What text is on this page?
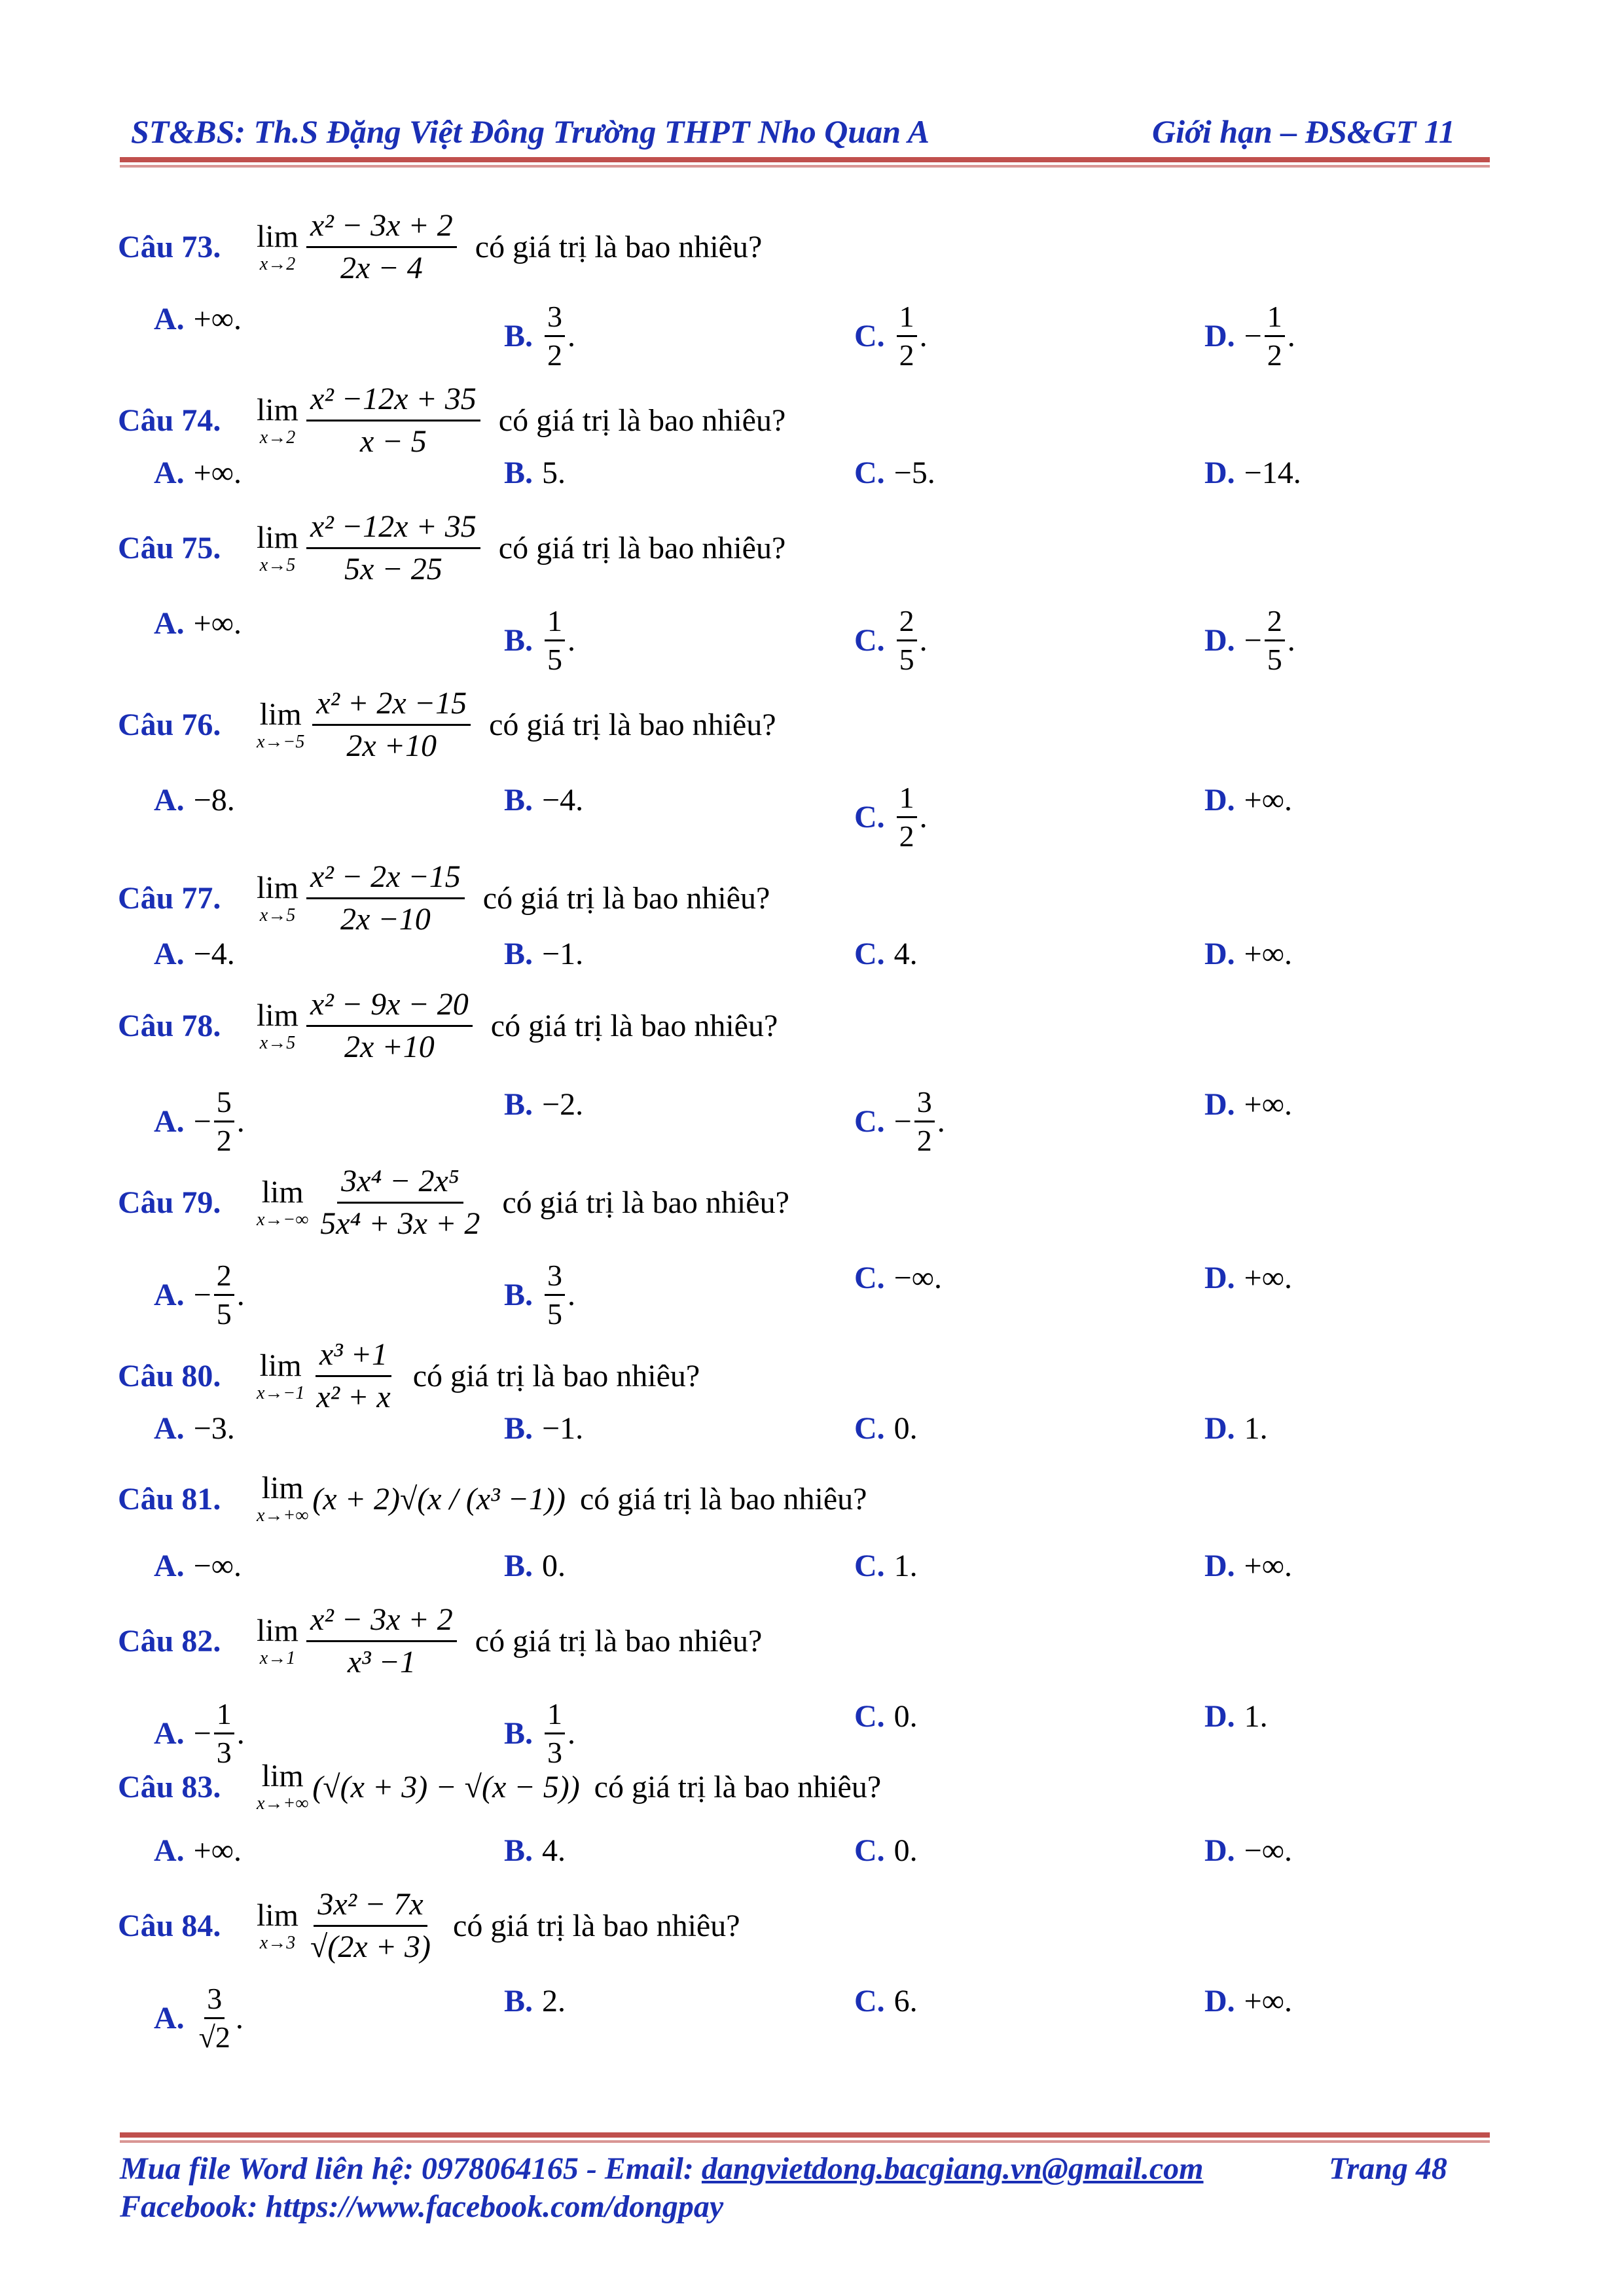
ST&BS: Th.S Đặng Việt Đông Trường THPT Nho Quan A	Giới hạn – ĐS&GT 11
Câu 73.	lim
$x\to 2 \frac{\text{x² − 3x + 2}}{2x - 4}$ có giá trị là bao nhiêu?
A. +∞.	B. $\frac{3}{2}$ .	C. $\frac{1}{2}$ .	D. − $\frac{1}{2}$ .
Câu 74.	lim
$x\to 2 \frac{\text{x² −12x + 35}}{x - 5}$ có giá trị là bao nhiêu?
A. +∞.	B. 5.	C. −5.	D. −14.
Câu 75.	lim
$x\to 5 \frac{\text{x² −12x + 35}}{5x - 25}$ có giá trị là bao nhiêu?
A. +∞.	B. $\frac{1}{5}$ .	C. $\frac{2}{5}$ .	D. − $\frac{2}{5}$ .
Câu 76.	lim
$x\to-5 \frac{\text{x² + 2x −15}}{2x +10}$ có giá trị là bao nhiêu?
A. −8.	B. −4.	C. $\frac{1}{2}$ .	D. +∞.
Câu 77.	lim
$x\to 5 \frac{\text{x² − 2x −15}}{2x -10}$ có giá trị là bao nhiêu?
A. −4.	B. −1.	C. 4.	D. +∞.
Câu 78.	lim
$x\to 5 \frac{\text{x² − 9x − 20}}{2x +10}$ có giá trị là bao nhiêu?
A. − $\frac{5}{2}$ .	B. −2.	C. − $\frac{3}{2}$ .	D. +∞.
Câu 79.	lim
$x\to-\infty \frac{\text{3x⁴ − 2x⁵}}{\text{5x⁴ + 3x + 2}}$ có giá trị là bao nhiêu?
A. − $\frac{2}{5}$ .	B. $\frac{3}{5}$ .	C. −∞.	D. +∞.
Câu 80.	lim
$x\to-1 \frac{\text{x³ +1}}{\text{x² + x}}$ có giá trị là bao nhiêu?
A. −3.	B. −1.	C. 0.	D. 1.
Câu 81.	lim
x→+∞ (x + 2)√(x / (x³ −1)) có giá trị là bao nhiêu?
A. −∞.	B. 0.	C. 1.	D. +∞.
Câu 82.	lim
$x\to 1 \frac{\text{x² − 3x + 2}}{\text{x³ −1}}$ có giá trị là bao nhiêu?
A. − $\frac{1}{3}$ .	B. $\frac{1}{3}$ .	C. 0.	D. 1.
Câu 83.	lim
x→+∞ (√(x + 3) − √(x − 5)) có giá trị là bao nhiêu?
A. +∞.	B. 4.	C. 0.	D. −∞.
Câu 84.	lim
$x\to 3 \frac{\text{3x² − 7x}}{√(2x + 3)}$ có giá trị là bao nhiêu?
A. $\frac{3}{√2}$ .	B. 2.	C. 6.	D. +∞.
Mua file Word liên hệ: 0978064165 - Email: dangvietdong.bacgiang.vn@gmail.com	Trang 48
Facebook: https://www.facebook.com/dongpay
